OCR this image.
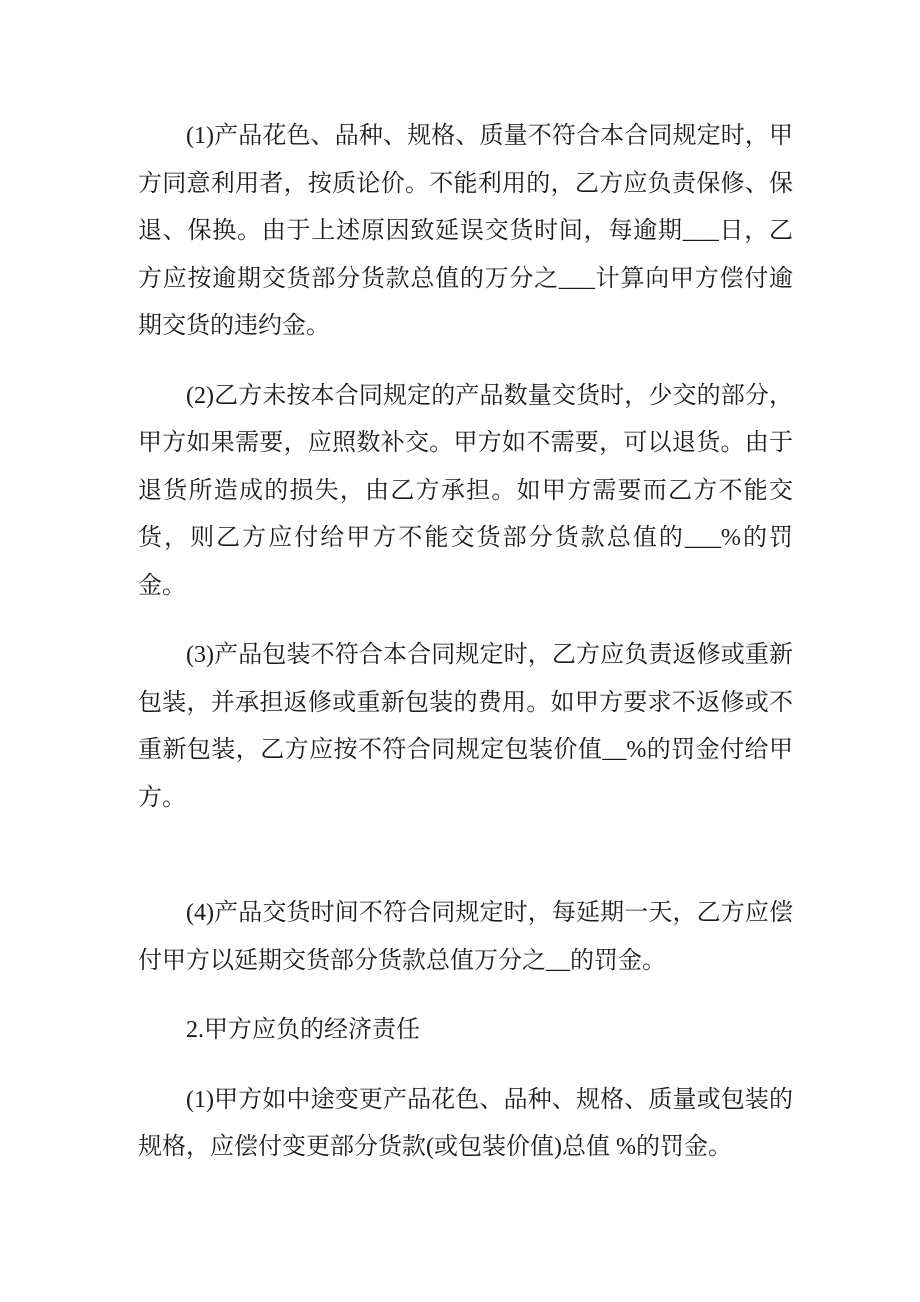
(1)产品花色、品种、规格、质量不符合本合同规定时，甲方同意利用者，按质论价。不能利用的，乙方应负责保修、保退、保换。由于上述原因致延误交货时间，每逾期___日，乙方应按逾期交货部分货款总值的万分之___计算向甲方偿付逾期交货的违约金。

(2)乙方未按本合同规定的产品数量交货时，少交的部分，甲方如果需要，应照数补交。甲方如不需要，可以退货。由于退货所造成的损失，由乙方承担。如甲方需要而乙方不能交货，则乙方应付给甲方不能交货部分货款总值的___%的罚金。

(3)产品包装不符合本合同规定时，乙方应负责返修或重新包装，并承担返修或重新包装的费用。如甲方要求不返修或不重新包装，乙方应按不符合同规定包装价值__%的罚金付给甲方。

(4)产品交货时间不符合同规定时，每延期一天，乙方应偿付甲方以延期交货部分货款总值万分之__的罚金。

2.甲方应负的经济责任

(1)甲方如中途变更产品花色、品种、规格、质量或包装的规格，应偿付变更部分货款(或包装价值)总值 %的罚金。
